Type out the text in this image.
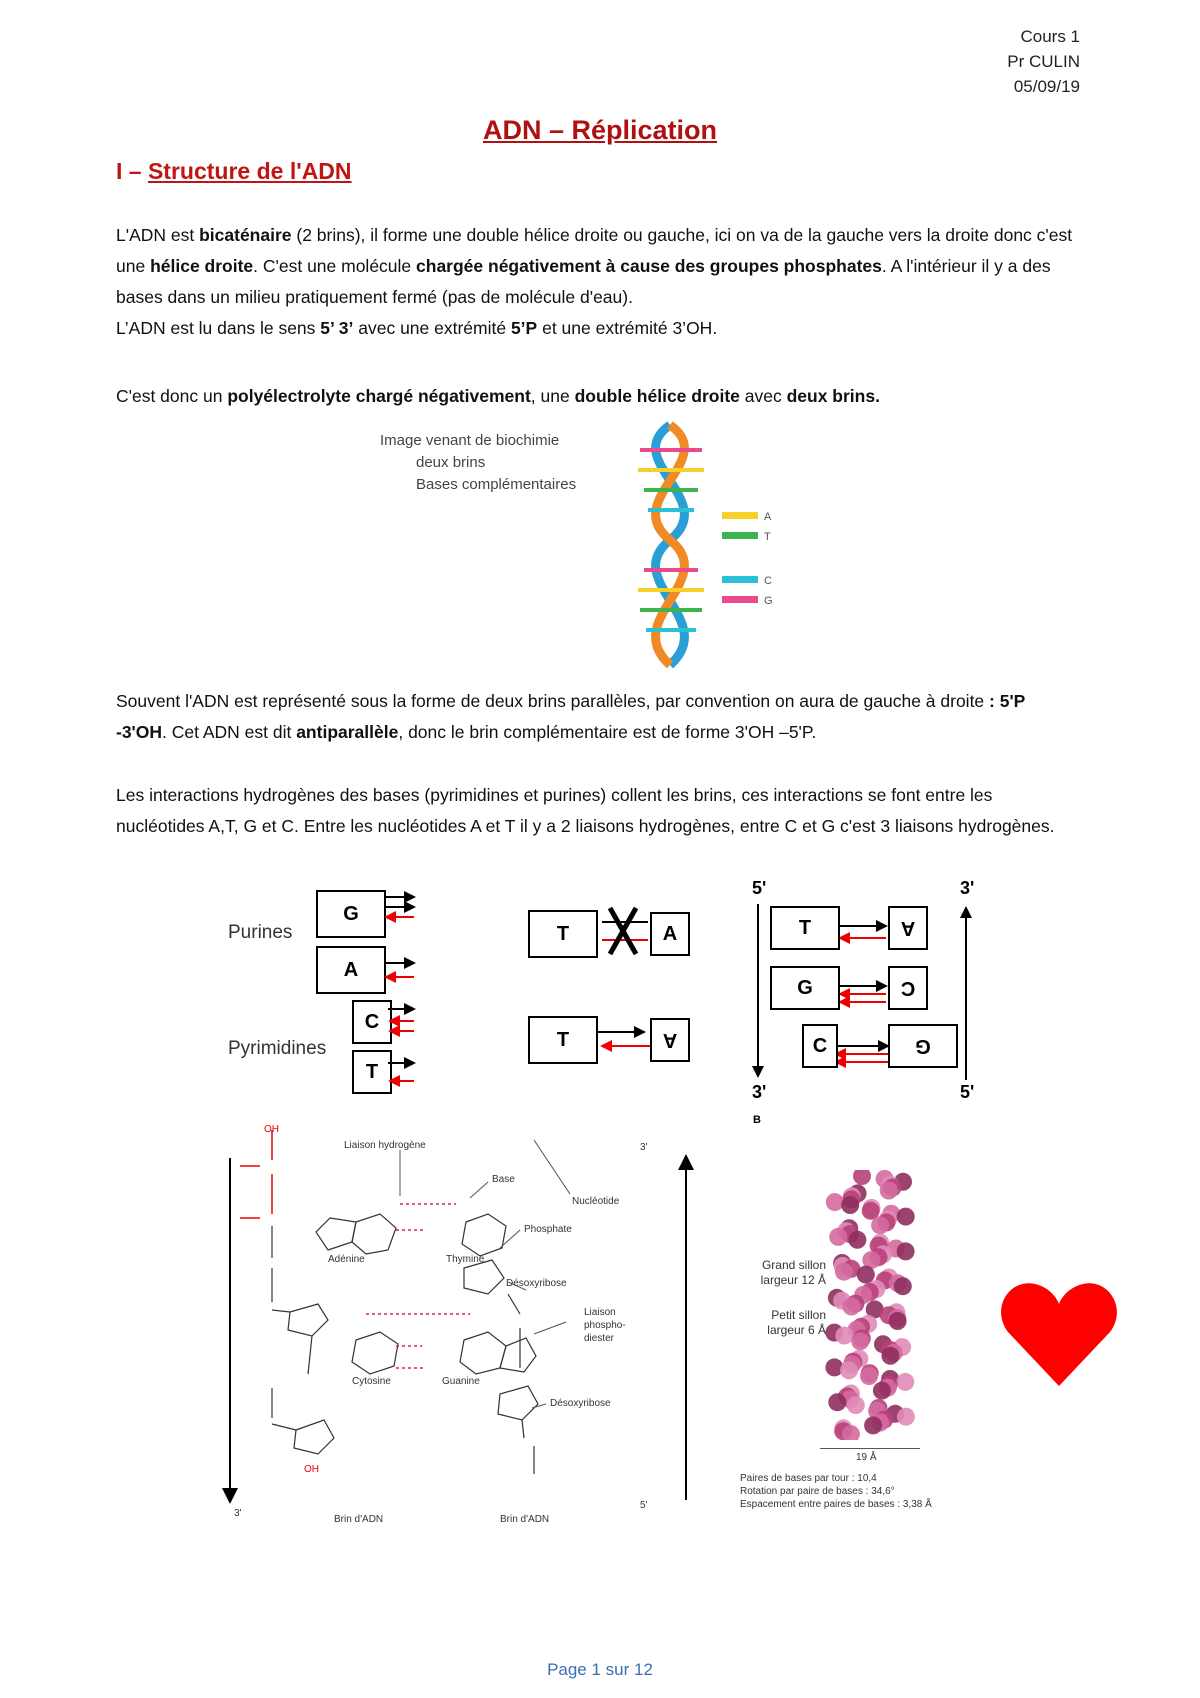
Cours 1
Pr CULIN
05/09/19
ADN – Réplication
I – Structure de l'ADN
L'ADN est bicaténaire (2 brins), il forme une double hélice droite ou gauche, ici on va de la gauche vers la droite donc c'est une hélice droite. C'est une molécule chargée négativement à cause des groupes phosphates. A l'intérieur il y a des bases dans un milieu pratiquement fermé (pas de molécule d'eau).
L’ADN est lu dans le sens 5’ 3’ avec une extrémité 5’P et une extrémité 3’OH.
C'est donc un polyélectrolyte chargé négativement, une double hélice droite avec deux brins.
Image venant de biochimie
deux brins
Bases complémentaires
A
T
C
G
Souvent l'ADN est représenté sous la forme de deux brins parallèles, par convention on aura de gauche à droite : 5'P -3'OH. Cet ADN est dit antiparallèle, donc le brin complémentaire est de forme 3'OH –5'P.
Les interactions hydrogènes des bases (pyrimidines et purines) collent les brins, ces interactions se font entre les nucléotides A,T, G et C. Entre les nucléotides A et T il y a 2 liaisons hydrogènes, entre C et G c'est 3 liaisons hydrogènes.
Purines
Pyrimidines
G
A
C
T
T	A
T	A
5'	3'
3'	5'
B
T	A
G	C
C	G
OH
Liaison hydrogène
Base
Nucléotide
Phosphate
Adénine	Thymine
Désoxyribose
Liaison
phospho-
diester
Cytosine	Guanine
Désoxyribose
OH
Brin d'ADN	Brin d'ADN
3'
5'
3'
Grand sillon
largeur 12 Å
Petit sillon
largeur 6 Å
19 Å
Paires de bases par tour : 10,4
Rotation par paire de bases : 34,6°
Espacement entre paires de bases : 3,38 Å
Page 1 sur 12
